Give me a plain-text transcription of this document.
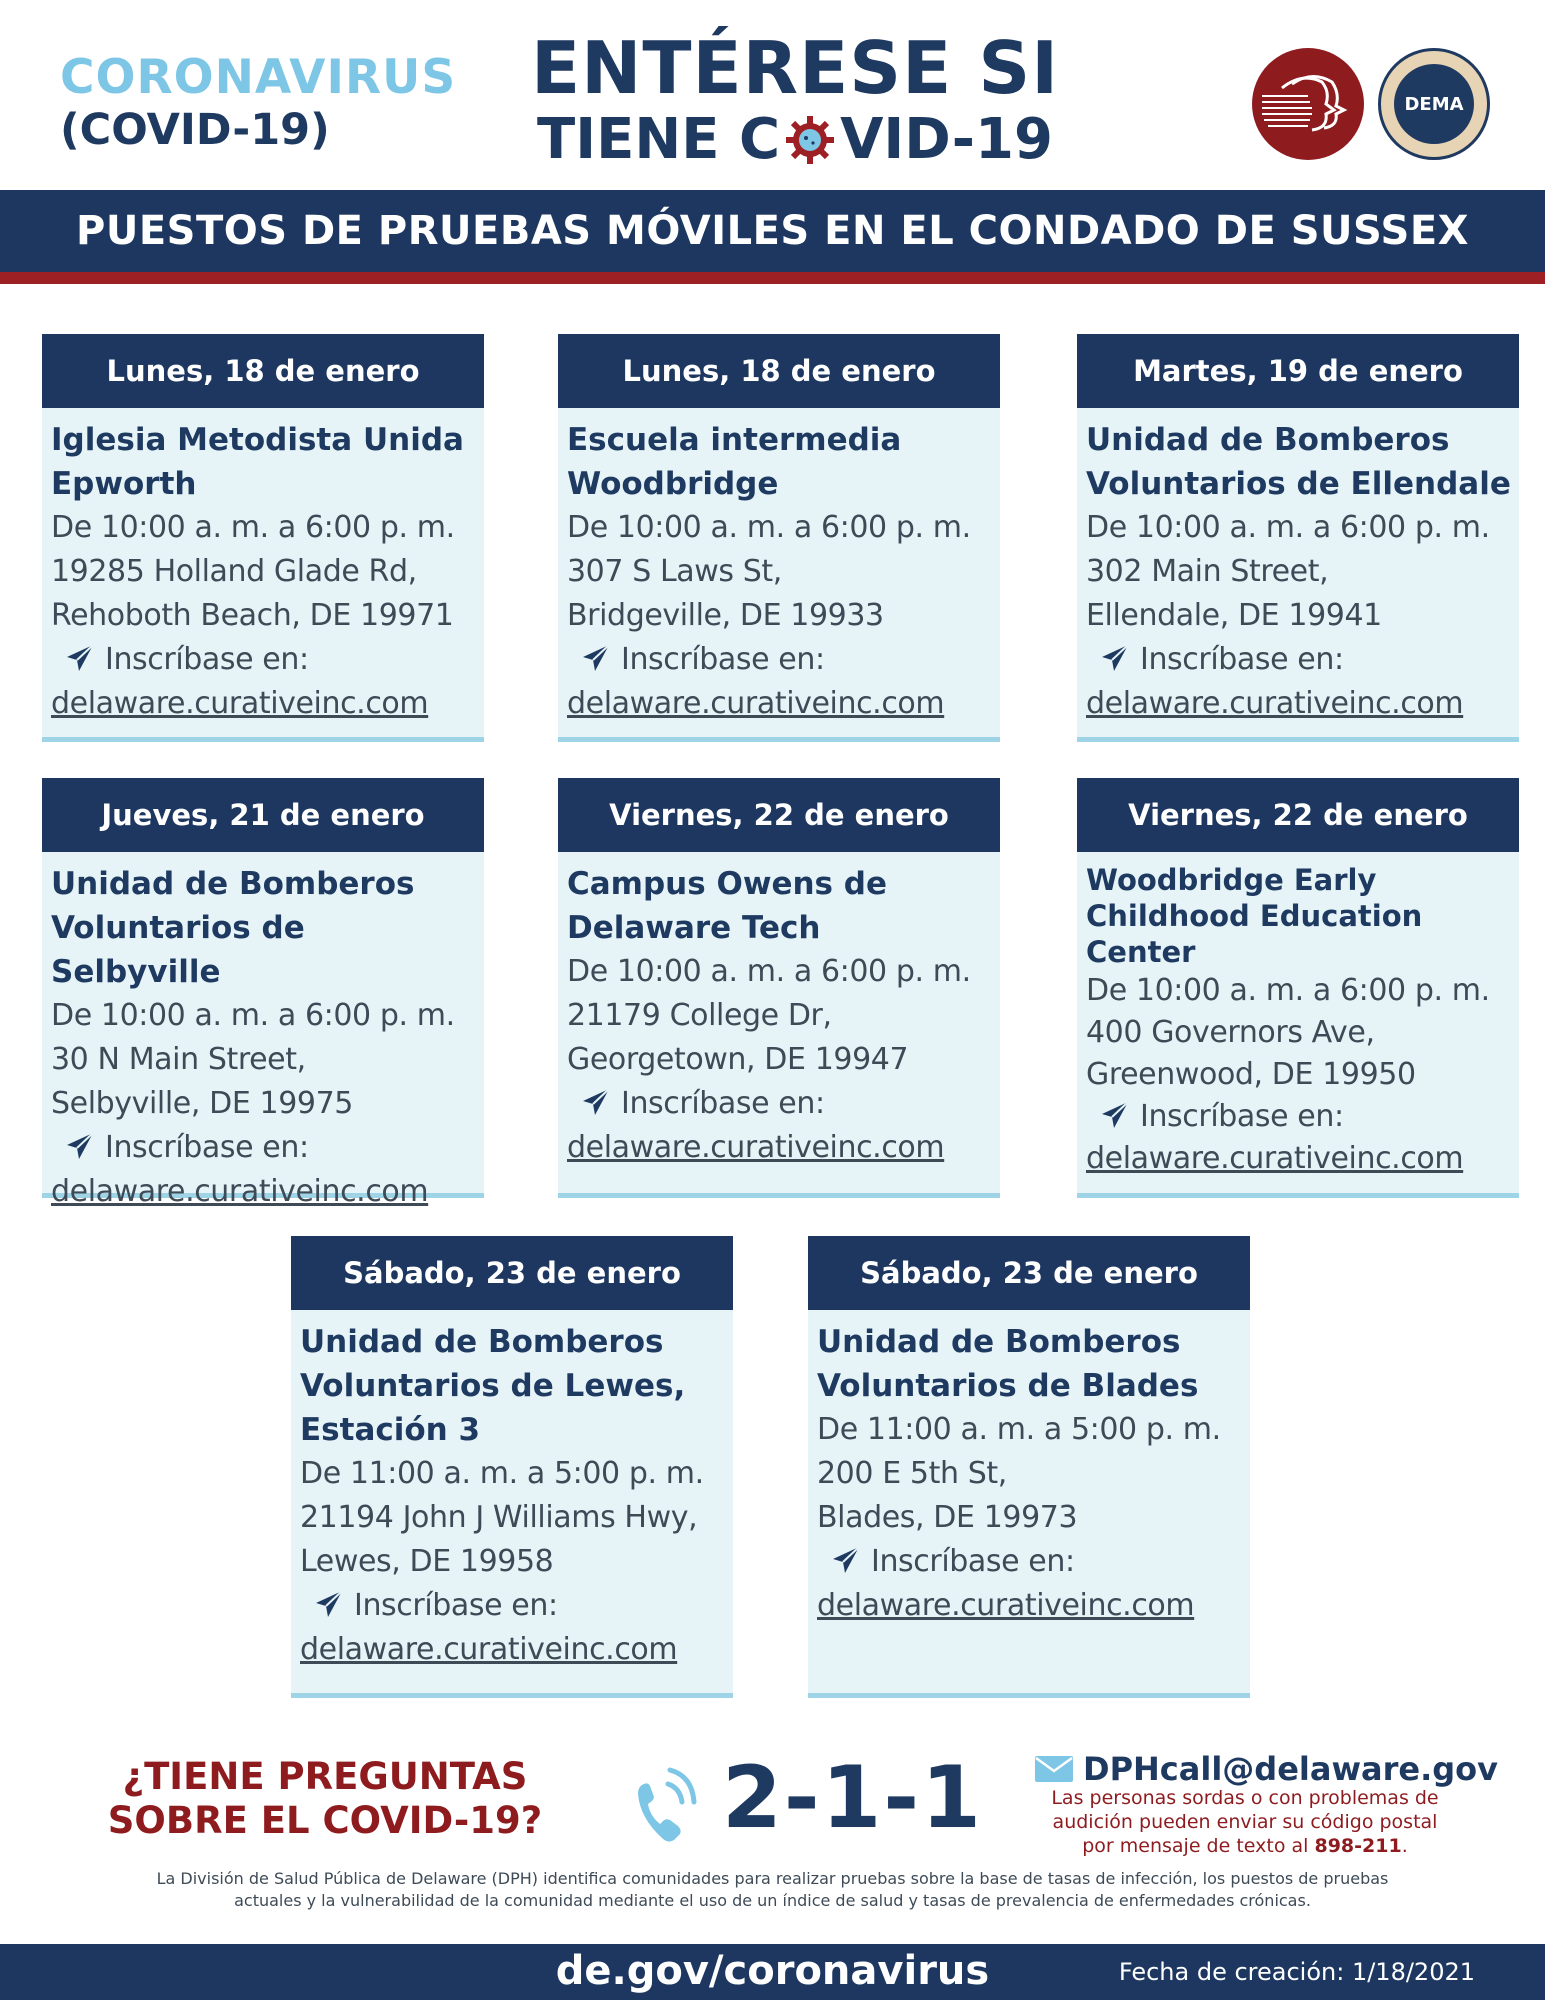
CORONAVIRUS
(COVID-19)
ENTÉRESE SI
TIENE C VID-19
DEMA
PUESTOS DE PRUEBAS MÓVILES EN EL CONDADO DE SUSSEX
Lunes, 18 de enero
Iglesia Metodista Unida
Epworth
De 10:00 a. m. a 6:00 p. m.
19285 Holland Glade Rd,
Rehoboth Beach, DE 19971
Inscríbase en:
delaware.curativeinc.com
Lunes, 18 de enero
Escuela intermedia
Woodbridge
De 10:00 a. m. a 6:00 p. m.
307 S Laws St,
Bridgeville, DE 19933
Inscríbase en:
delaware.curativeinc.com
Martes, 19 de enero
Unidad de Bomberos
Voluntarios de Ellendale
De 10:00 a. m. a 6:00 p. m.
302 Main Street,
Ellendale, DE 19941
Inscríbase en:
delaware.curativeinc.com
Jueves, 21 de enero
Unidad de Bomberos
Voluntarios de Selbyville
De 10:00 a. m. a 6:00 p. m.
30 N Main Street,
Selbyville, DE 19975
Inscríbase en:
delaware.curativeinc.com
Viernes, 22 de enero
Campus Owens de
Delaware Tech
De 10:00 a. m. a 6:00 p. m.
21179 College Dr,
Georgetown, DE 19947
Inscríbase en:
delaware.curativeinc.com
Viernes, 22 de enero
Woodbridge Early
Childhood Education
Center
De 10:00 a. m. a 6:00 p. m.
400 Governors Ave,
Greenwood, DE 19950
Inscríbase en:
delaware.curativeinc.com
Sábado, 23 de enero
Unidad de Bomberos
Voluntarios de Lewes,
Estación 3
De 11:00 a. m. a 5:00 p. m.
21194 John J Williams Hwy,
Lewes, DE 19958
Inscríbase en:
delaware.curativeinc.com
Sábado, 23 de enero
Unidad de Bomberos
Voluntarios de Blades
De 11:00 a. m. a 5:00 p. m.
200 E 5th St,
Blades, DE 19973
Inscríbase en:
delaware.curativeinc.com
¿TIENE PREGUNTAS
SOBRE EL COVID-19?	2-1-1	DPHcall@delaware.gov
Las personas sordas o con problemas de
audición pueden enviar su código postal
por mensaje de texto al 898-211.
La División de Salud Pública de Delaware (DPH) identifica comunidades para realizar pruebas sobre la base de tasas de infección, los puestos de pruebas
actuales y la vulnerabilidad de la comunidad mediante el uso de un índice de salud y tasas de prevalencia de enfermedades crónicas.
de.gov/coronavirus	Fecha de creación: 1/18/2021
